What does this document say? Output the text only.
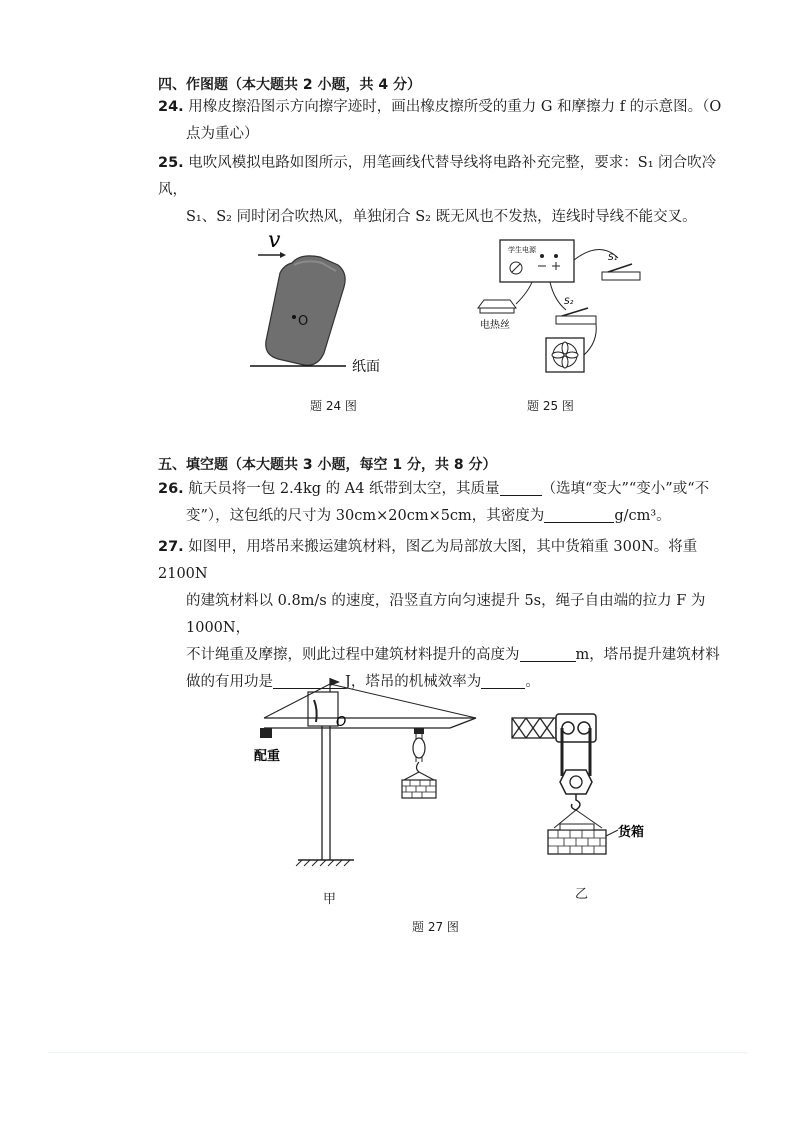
四、作图题（本大题共 2 小题，共 4 分）
24. 用橡皮擦沿图示方向擦字迹时，画出橡皮擦所受的重力 G 和摩擦力 f 的示意图。（O
点为重心）
25. 电吹风模拟电路如图所示，用笔画线代替导线将电路补充完整，要求：S₁ 闭合吹冷风，
S₁、S₂ 同时闭合吹热风，单独闭合 S₂ 既无风也不发热，连线时导线不能交叉。
v
O
纸面
题 24 图
学生电源
S₁
S₂
电热丝
题 25 图
五、填空题（本大题共 3 小题，每空 1 分，共 8 分）
26. 航天员将一包 2.4kg 的 A4 纸带到太空，其质量	（选填“变大”“变小”或“不
变”），这包纸的尺寸为 30cm×20cm×5cm，其密度为	g/cm³。
27. 如图甲，用塔吊来搬运建筑材料，图乙为局部放大图，其中货箱重 300N。将重 2100N
的建筑材料以 0.8m/s 的速度，沿竖直方向匀速提升 5s，绳子自由端的拉力 F 为 1000N，
不计绳重及摩擦，则此过程中建筑材料提升的高度为	m，塔吊提升建筑材料
做的有用功是	J，塔吊的机械效率为	。
O
配重
甲
货箱
乙
题 27 图
